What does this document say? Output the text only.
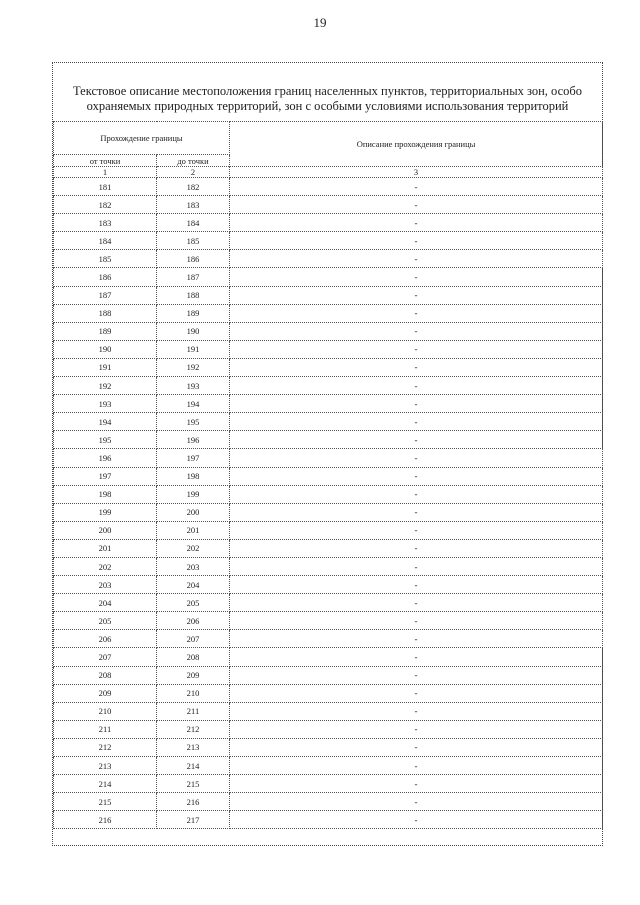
19
Текстовое описание местоположения границ населенных пунктов, территориальных зон, особо охраняемых природных территорий, зон с особыми условиями использования территорий
Прохождение границы		Описание прохождения границы
от точки	до точки	
1	2	3
181	182	-
182	183	-
183	184	-
184	185	-
185	186	-
186	187	-
187	188	-
188	189	-
189	190	-
190	191	-
191	192	-
192	193	-
193	194	-
194	195	-
195	196	-
196	197	-
197	198	-
198	199	-
199	200	-
200	201	-
201	202	-
202	203	-
203	204	-
204	205	-
205	206	-
206	207	-
207	208	-
208	209	-
209	210	-
210	211	-
211	212	-
212	213	-
213	214	-
214	215	-
215	216	-
216	217	-
